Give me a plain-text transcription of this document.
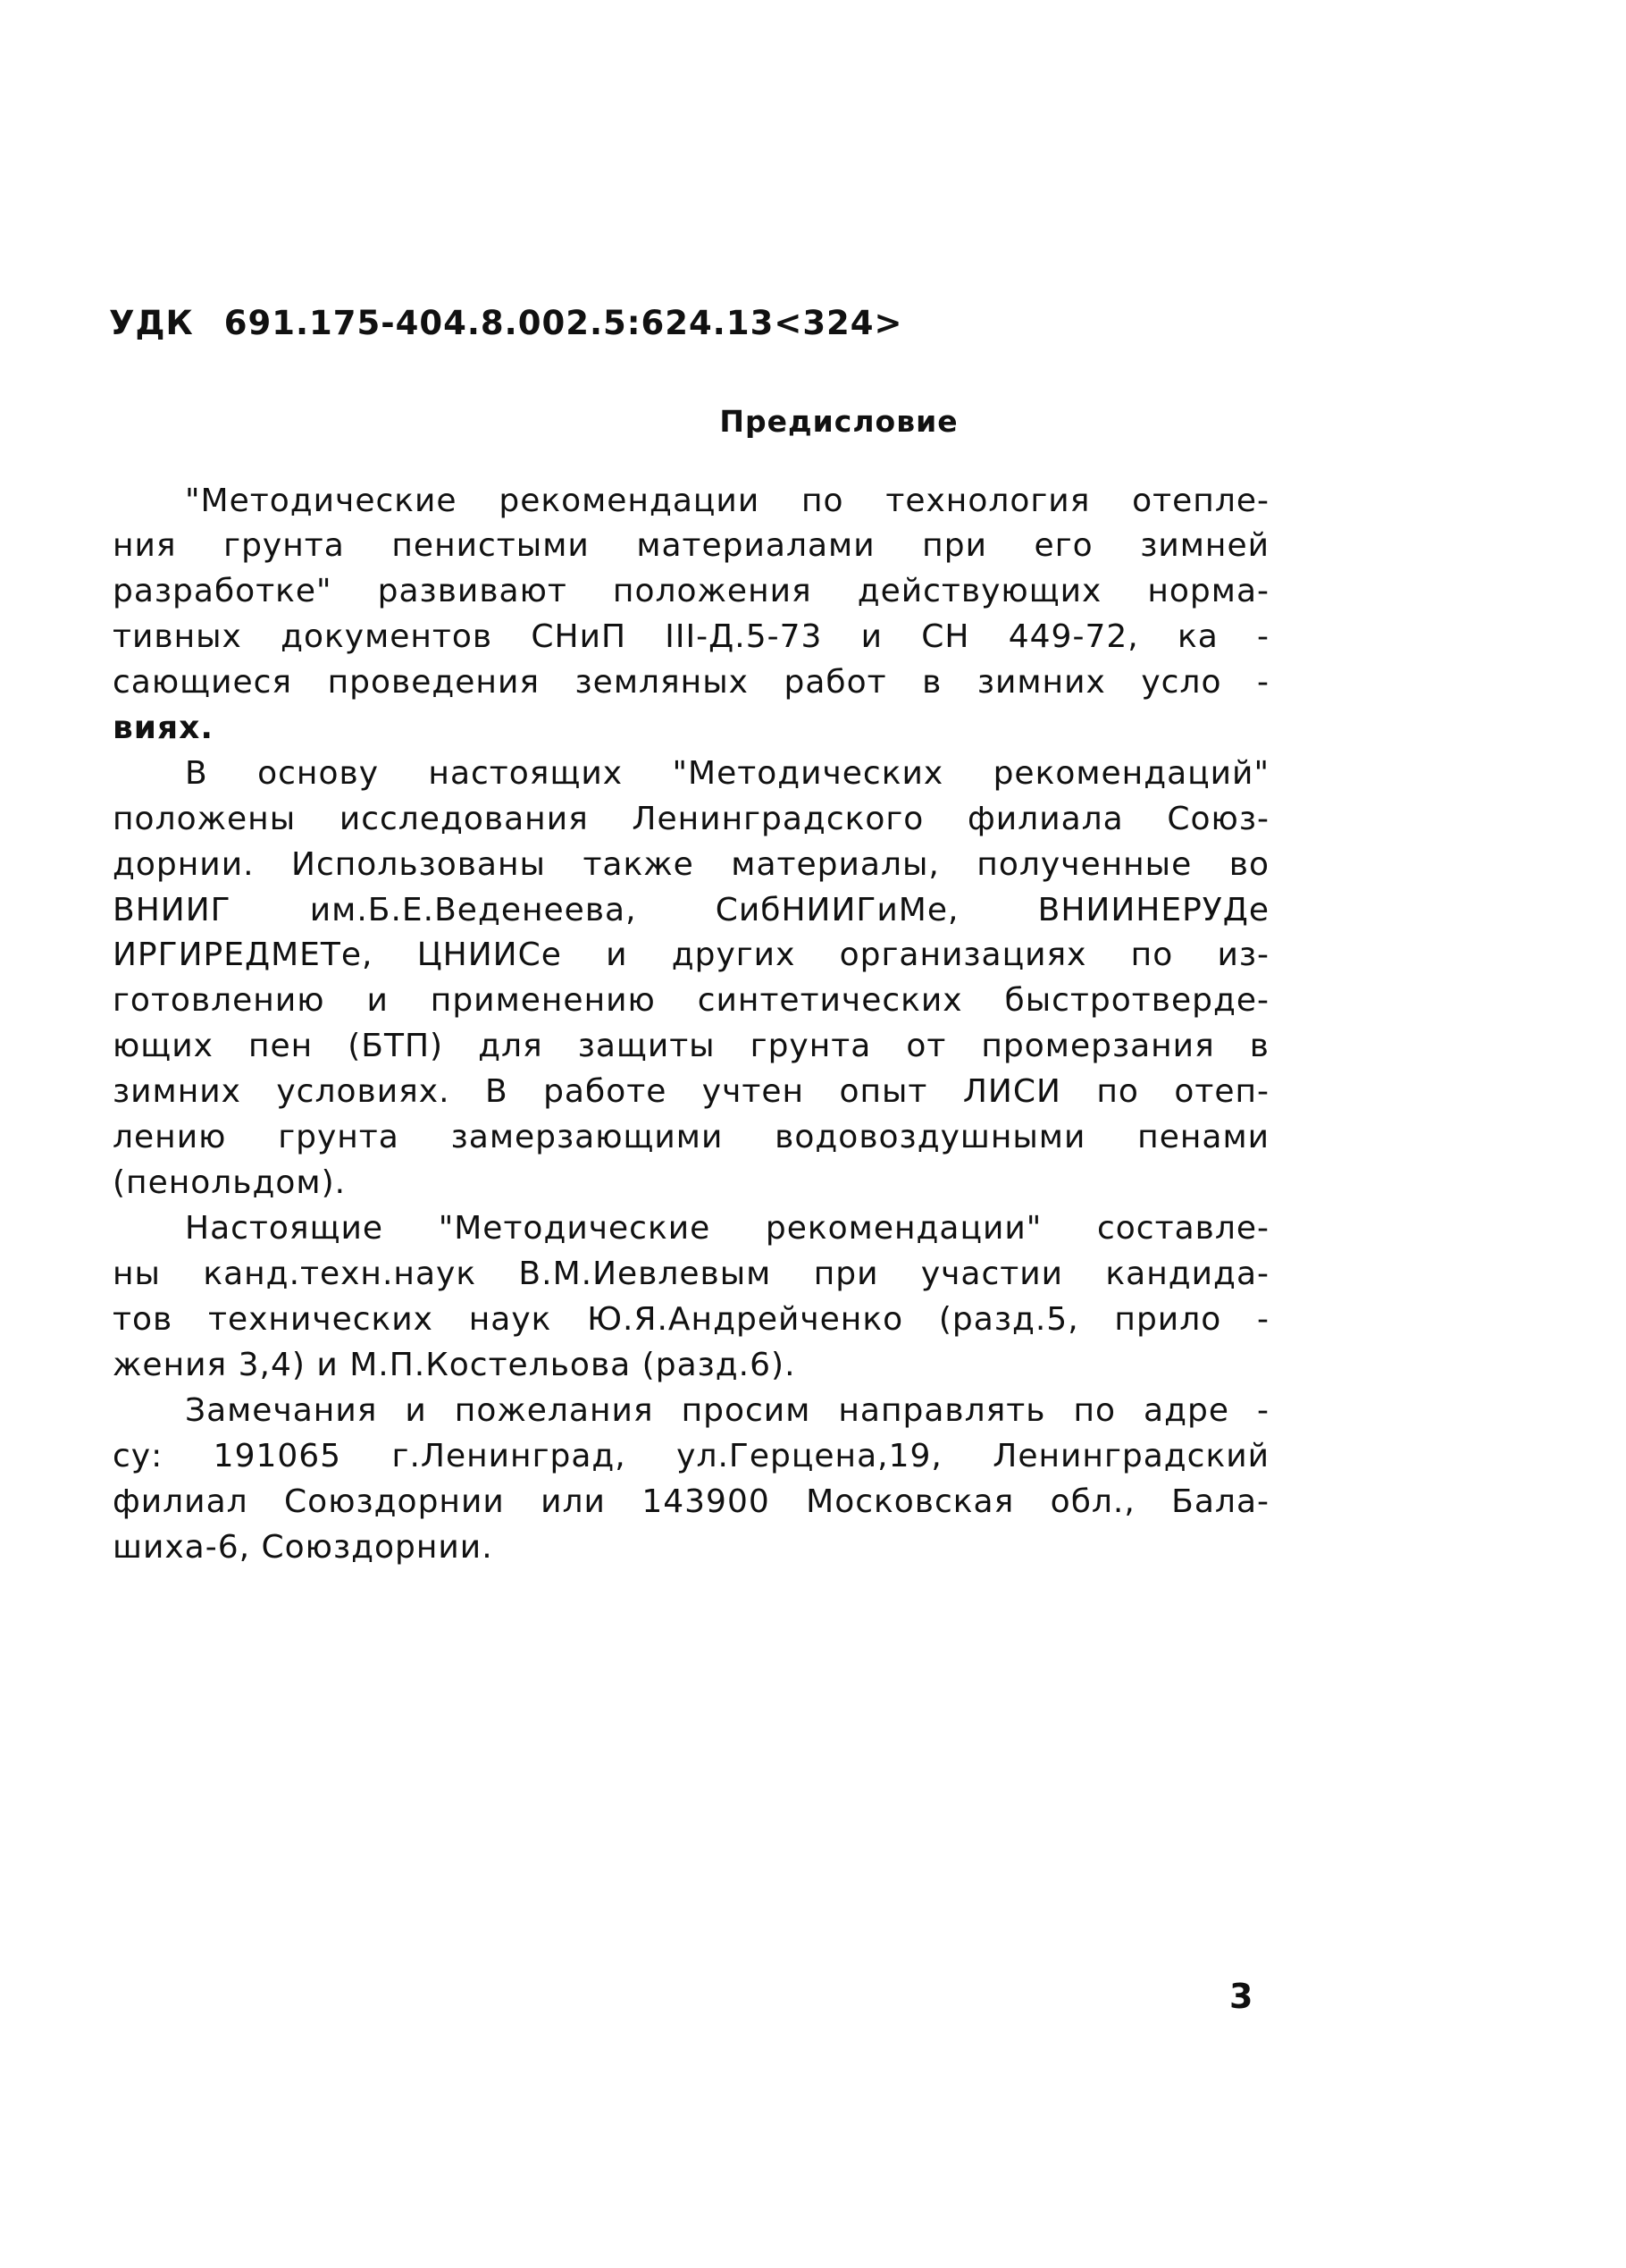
УДК 691.175-404.8.002.5:624.13<324>
Предисловие
"Методические рекомендации по технология отепле-
ния грунта пенистыми материалами при его зимней
разработке" развивают положения действующих норма-
тивных документов СНиП III-Д.5-73 и СН 449-72, ка -
сающиеся проведения земляных работ в зимних усло -
виях.
В основу настоящих "Методических рекомендаций"
положены исследования Ленинградского филиала Союз-
дорнии. Использованы также материалы, полученные во
ВНИИГ им.Б.Е.Веденеева, СибНИИГиМе, ВНИИНЕРУДе
ИРГИРЕДМЕТе, ЦНИИСе и других организациях по из-
готовлению и применению синтетических быстротверде-
ющих пен (БТП) для защиты грунта от промерзания в
зимних условиях. В работе учтен опыт ЛИСИ по отеп-
лению грунта замерзающими водовоздушными пенами
(пенольдом).
Настоящие "Методические рекомендации" составле-
ны канд.техн.наук В.М.Иевлевым при участии кандида-
тов технических наук Ю.Я.Андрейченко (разд.5, прило -
жения 3,4) и М.П.Костельова (разд.6).
Замечания и пожелания просим направлять по адре -
су: 191065 г.Ленинград, ул.Герцена,19, Ленинградский
филиал Союздорнии или 143900 Московская обл., Бала-
шиха-6, Союздорнии.
3
